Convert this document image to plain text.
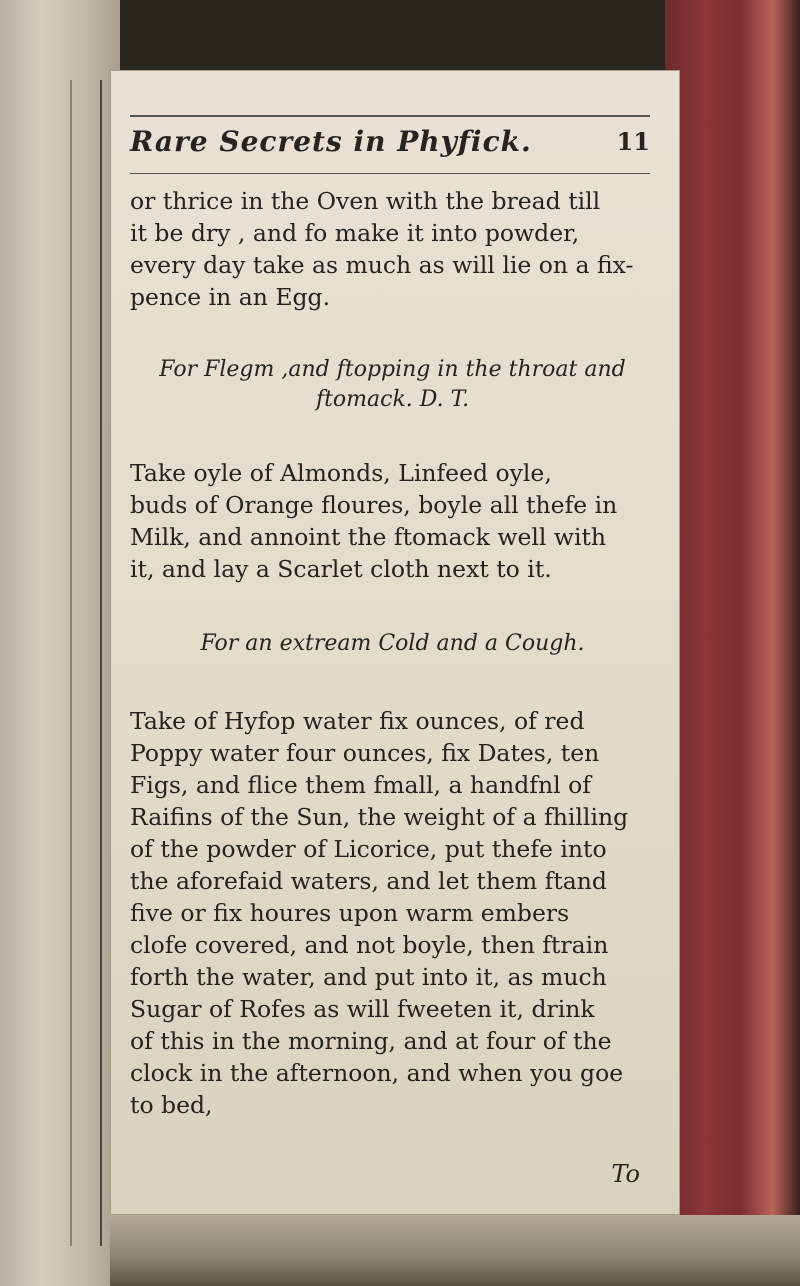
Rare Secrets in Phyfick.	11

or thrice in the Oven with the bread till
it be dry , and fo make it into powder,
every day take as much as will lie on a fix-
pence in an Egg.

For Flegm ,and ftopping in the throat and
ftomack. D. T.

Take oyle of Almonds, Linfeed oyle,
buds of Orange floures, boyle all thefe in
Milk, and annoint the ftomack well with
it, and lay a Scarlet cloth next to it.

For an extream Cold and a Cough.

Take of Hyfop water fix ounces, of red
Poppy water four ounces, fix Dates, ten
Figs, and flice them fmall, a handfnl of
Raifins of the Sun, the weight of a fhilling
of the powder of Licorice, put thefe into
the aforefaid waters, and let them ftand
five or fix houres upon warm embers
clofe covered, and not boyle, then ftrain
forth the water, and put into it, as much
Sugar of Rofes as will fweeten it, drink
of this in the morning, and at four of the
clock in the afternoon, and when you goe
to bed,

To
